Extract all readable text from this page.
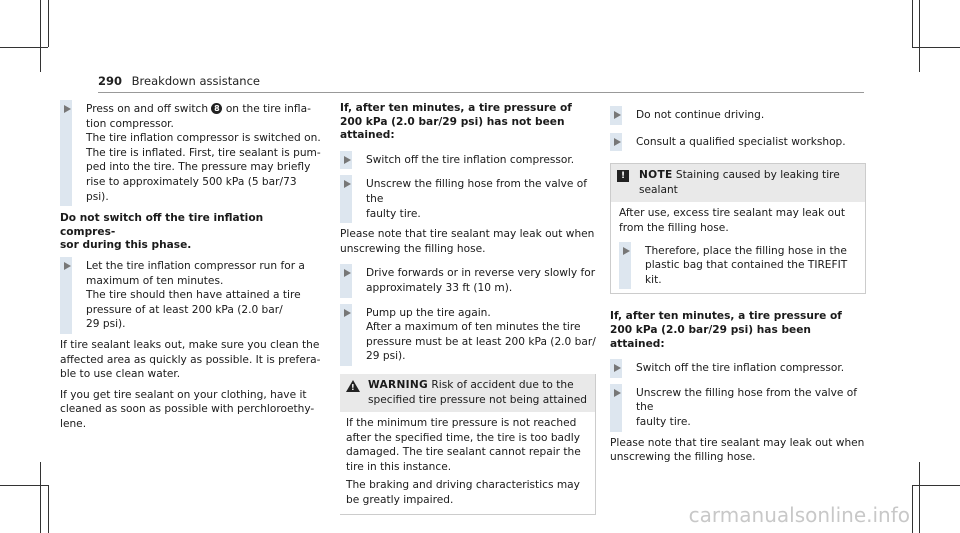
290 Breakdown assistance

Press on and off switch 8 on the tire infla-

tion compressor.

The tire inflation compressor is switched on.

The tire is inflated. First, tire sealant is pum-

ped into the tire. The pressure may briefly

rise to approximately 500 kPa (5 bar/73 psi).

Do not switch off the tire inflation compres-
sor during this phase.

Let the tire inflation compressor run for a

maximum of ten minutes.

The tire should then have attained a tire

pressure of at least 200 kPa (2.0 bar/

29 psi).

If tire sealant leaks out, make sure you clean the
affected area as quickly as possible. It is prefera-
ble to use clean water.

If you get tire sealant on your clothing, have it
cleaned as soon as possible with perchloroethy-
lene.

If, after ten minutes, a tire pressure of
200 kPa (2.0 bar/29 psi) has not been
attained:

Switch off the tire inflation compressor.

Unscrew the filling hose from the valve of the

faulty tire.

Please note that tire sealant may leak out when
unscrewing the filling hose.

Drive forwards or in reverse very slowly for

approximately 33 ft (10 m).

Pump up the tire again.

After a maximum of ten minutes the tire

pressure must be at least 200 kPa (2.0 bar/

29 psi).

!

WARNING Risk of accident due to the

specified tire pressure not being attained

If the minimum tire pressure is not reached
after the specified time, the tire is too badly
damaged. The tire sealant cannot repair the
tire in this instance.

The braking and driving characteristics may
be greatly impaired.

Do not continue driving.

Consult a qualified specialist workshop.

!	NOTE Staining caused by leaking tire

sealant

After use, excess tire sealant may leak out
from the filling hose.

Therefore, place the filling hose in the

plastic bag that contained the TIREFIT

kit.

If, after ten minutes, a tire pressure of
200 kPa (2.0 bar/29 psi) has been attained:

Switch off the tire inflation compressor.

Unscrew the filling hose from the valve of the

faulty tire.

Please note that tire sealant may leak out when
unscrewing the filling hose.

carmanualsonline.info
